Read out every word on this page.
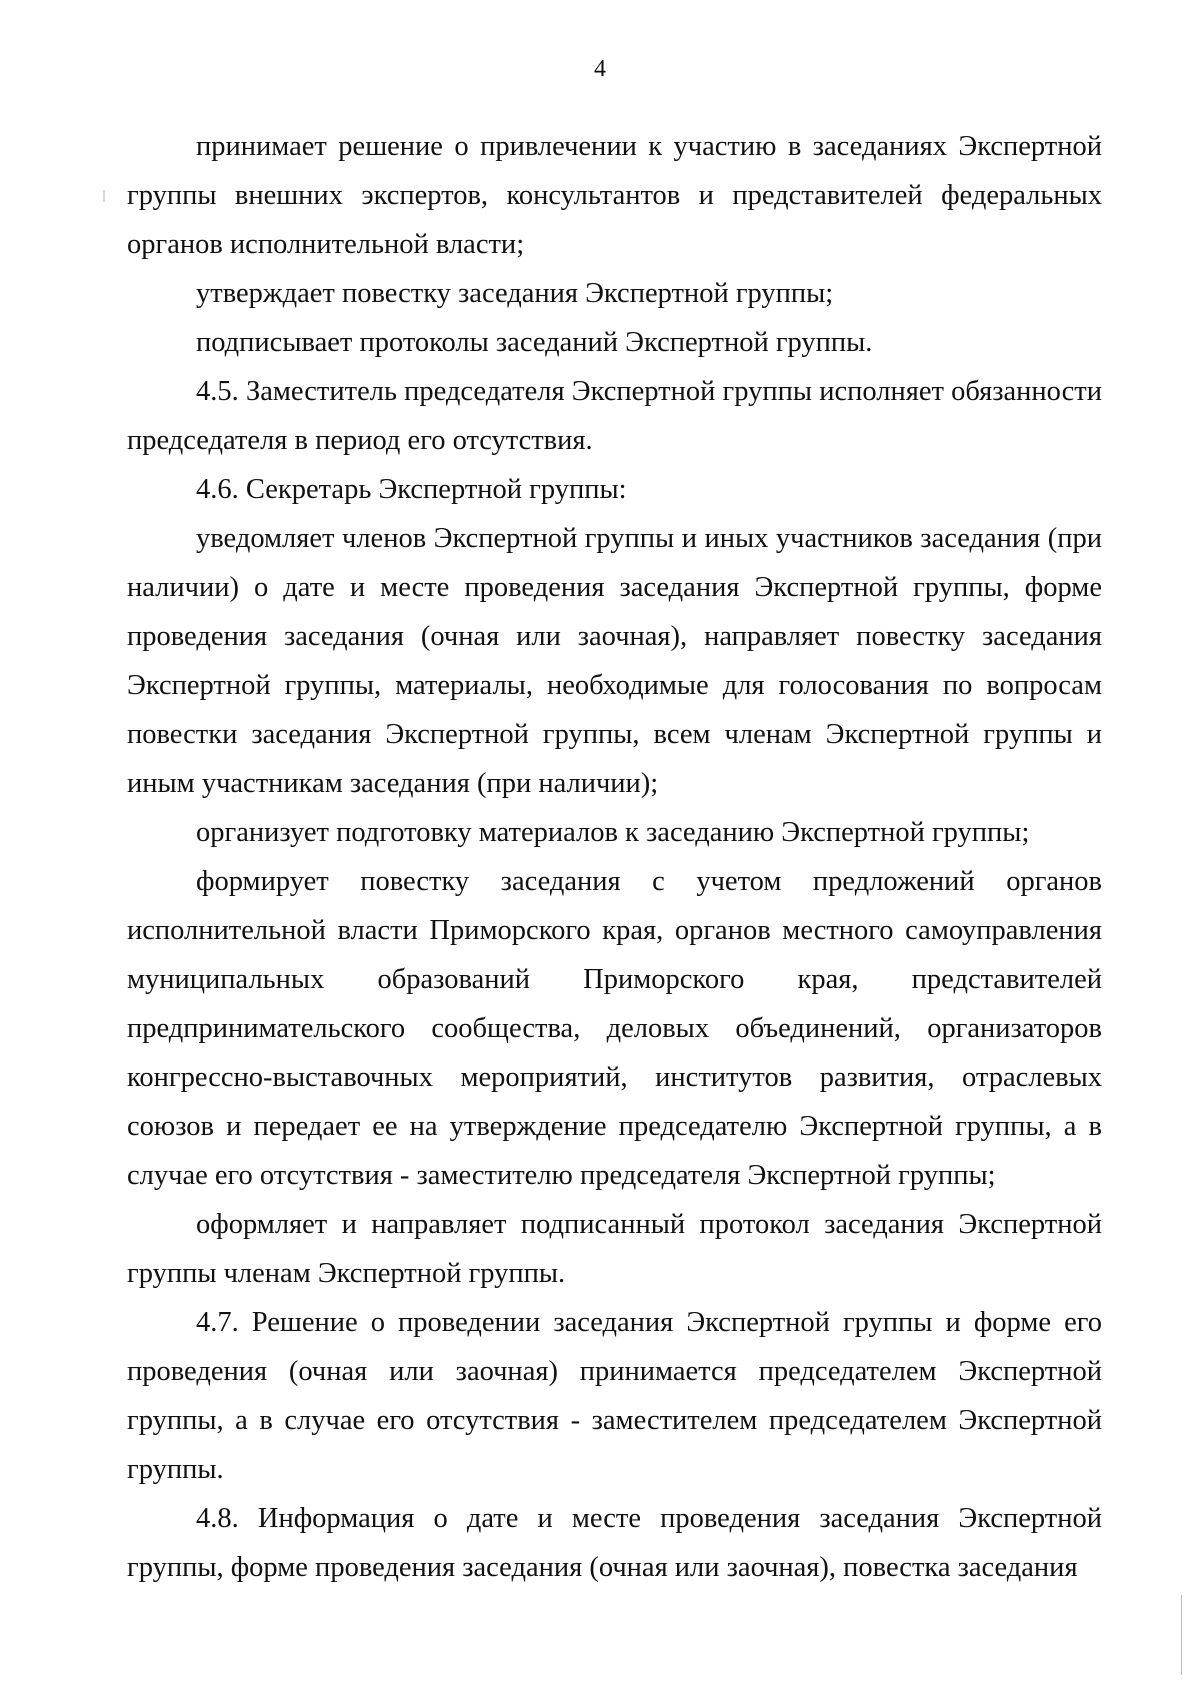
4

принимает решение о привлечении к участию в заседаниях Экспертной группы внешних экспертов, консультантов и представителей федеральных органов исполнительной власти;

утверждает повестку заседания Экспертной группы;

подписывает протоколы заседаний Экспертной группы.

4.5. Заместитель председателя Экспертной группы исполняет обязанности председателя в период его отсутствия.

4.6. Секретарь Экспертной группы:

уведомляет членов Экспертной группы и иных участников заседания (при наличии) о дате и месте проведения заседания Экспертной группы, форме проведения заседания (очная или заочная), направляет повестку заседания Экспертной группы, материалы, необходимые для голосования по вопросам повестки заседания Экспертной группы, всем членам Экспертной группы и иным участникам заседания (при наличии);

организует подготовку материалов к заседанию Экспертной группы;

формирует повестку заседания с учетом предложений органов исполнительной власти Приморского края, органов местного самоуправления муниципальных образований Приморского края, представителей предпринимательского сообщества, деловых объединений, организаторов конгрессно-выставочных мероприятий, институтов развития, отраслевых союзов и передает ее на утверждение председателю Экспертной группы, а в случае его отсутствия - заместителю председателя Экспертной группы;

оформляет и направляет подписанный протокол заседания Экспертной группы членам Экспертной группы.

4.7. Решение о проведении заседания Экспертной группы и форме его проведения (очная или заочная) принимается председателем Экспертной группы, а в случае его отсутствия - заместителем председателем Экспертной группы.

4.8. Информация о дате и месте проведения заседания Экспертной группы, форме проведения заседания (очная или заочная), повестка заседания
